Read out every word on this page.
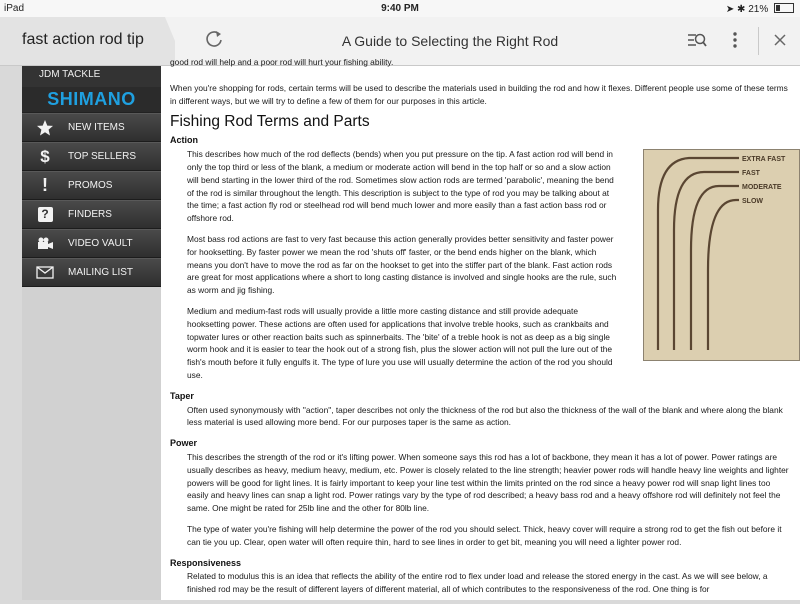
iPad	9:40 PM	➤ ✱ 21%
fast action rod tip	A Guide to Selecting the Right Rod
JDM TACKLE
SHIMANO
NEW ITEMS
$	TOP SELLERS
!	PROMOS
?	FINDERS
VIDEO VAULT
MAILING LIST
good rod will help and a poor rod will hurt your fishing ability.

When you're shopping for rods, certain terms will be used to describe the materials used in building the rod and how it flexes. Different people use some of these terms in different ways, but we will try to define a few of them for our purposes in this article.

Fishing Rod Terms and Parts
Action

This describes how much of the rod deflects (bends) when you put pressure on the tip. A fast action rod will bend in only the top third or less of the blank, a medium or moderate action will bend in the top half or so and a slow action will bend starting in the lower third of the rod. Sometimes slow action rods are termed 'parabolic', meaning the bend of the rod is similar throughout the length. This description is subject to the type of rod you may be talking about at the time; a fast action fly rod or steelhead rod will bend much lower and more easily than a fast action bass rod or offshore rod.

Most bass rod actions are fast to very fast because this action generally provides better sensitivity and faster power for hooksetting. By faster power we mean the rod 'shuts off' faster, or the bend ends higher on the blank, which means you don't have to move the rod as far on the hookset to get into the stiffer part of the blank. Fast action rods are great for most applications where a short to long casting distance is involved and single hooks are the rule, such as worm and jig fishing.

Medium and medium-fast rods will usually provide a little more casting distance and still provide adequate hooksetting power. These actions are often used for applications that involve treble hooks, such as crankbaits and topwater lures or other reaction baits such as spinnerbaits. The 'bite' of a treble hook is not as deep as a big single worm hook and it is easier to tear the hook out of a strong fish, plus the slower action will not pull the lure out of the fish's mouth before it fully engulfs it. The type of lure you use will usually determine the action of the rod you should use.

Taper

Often used synonymously with "action", taper describes not only the thickness of the rod but also the thickness of the wall of the blank and where along the blank less material is used allowing more bend. For our purposes taper is the same as action.

Power

This describes the strength of the rod or it's lifting power. When someone says this rod has a lot of backbone, they mean it has a lot of power. Power ratings are usually describes as heavy, medium heavy, medium, etc. Power is closely related to the line strength; heavier power rods will handle heavy line weights and lighter powers will be good for light lines. It is fairly important to keep your line test within the limits printed on the rod since a heavy power rod will snap light lines too easily and heavy lines can snap a light rod. Power ratings vary by the type of rod described; a heavy bass rod and a heavy offshore rod will definitely not feel the same. One might be rated for 25lb line and the other for 80lb line.

The type of water you're fishing will help determine the power of the rod you should select. Thick, heavy cover will require a strong rod to get the fish out before it can tie you up. Clear, open water will often require thin, hard to see lines in order to get bit, meaning you will need a lighter power rod.

Responsiveness

Related to modulus this is an idea that reflects the ability of the entire rod to flex under load and release the stored energy in the cast. As we will see below, a finished rod may be the result of different layers of different material, all of which contributes to the responsiveness of the rod. One thing is for

EXTRA FAST
FAST
MODERATE
SLOW
